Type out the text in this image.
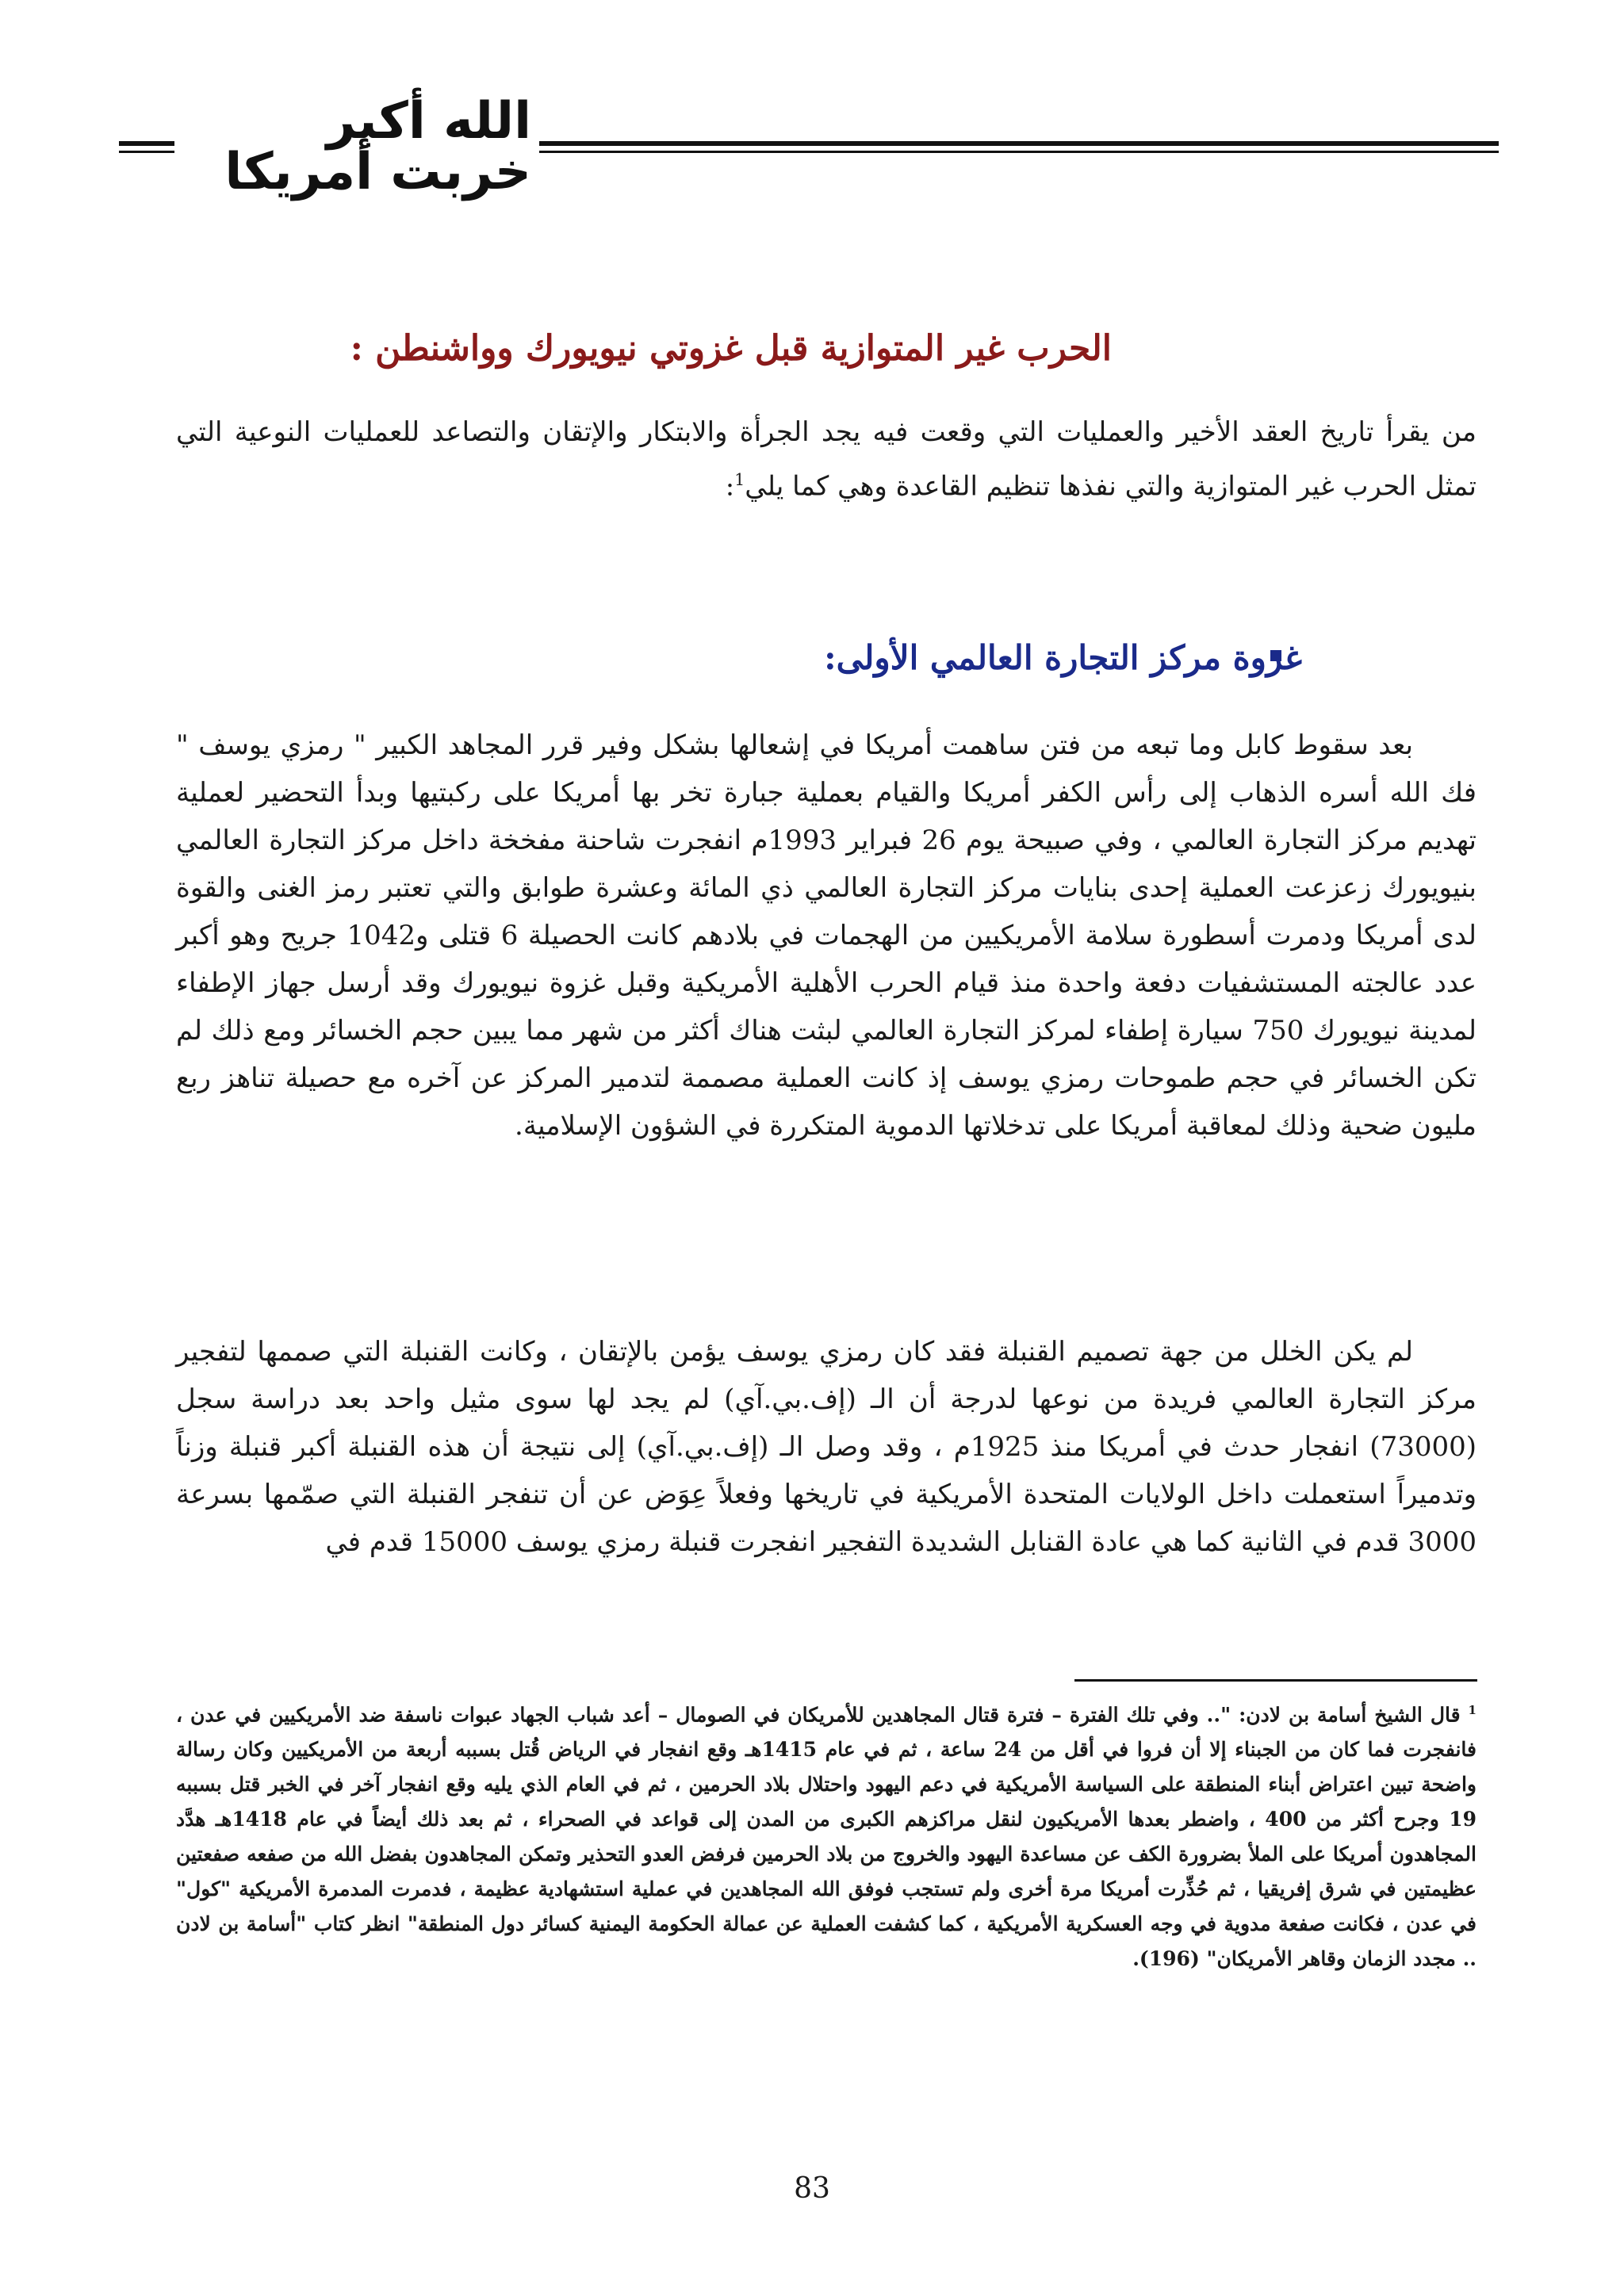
الله أكبر خربت أمريكا
الحرب غير المتوازية قبل غزوتي نيويورك وواشنطن :

من يقرأ تاريخ العقد الأخير والعمليات التي وقعت فيه يجد الجرأة والابتكار والإتقان والتصاعد للعمليات النوعية التي تمثل الحرب غير المتوازية والتي نفذها تنظيم القاعدة وهي كما يلي$^1$:

غزوة مركز التجارة العالمي الأولى:

بعد سقوط كابل وما تبعه من فتن ساهمت أمريكا في إشعالها بشكل وفير قرر المجاهد الكبير " رمزي يوسف " فك الله أسره الذهاب إلى رأس الكفر أمريكا والقيام بعملية جبارة تخر بها أمريكا على ركبتيها وبدأ التحضير لعملية تهديم مركز التجارة العالمي ، وفي صبيحة يوم 26 فبراير 1993م انفجرت شاحنة مفخخة داخل مركز التجارة العالمي بنيويورك زعزعت العملية إحدى بنايات مركز التجارة العالمي ذي المائة وعشرة طوابق والتي تعتبر رمز الغنى والقوة لدى أمريكا ودمرت أسطورة سلامة الأمريكيين من الهجمات في بلادهم كانت الحصيلة 6 قتلى و1042 جريح وهو أكبر عدد عالجته المستشفيات دفعة واحدة منذ قيام الحرب الأهلية الأمريكية وقبل غزوة نيويورك وقد أرسل جهاز الإطفاء لمدينة نيويورك 750 سيارة إطفاء لمركز التجارة العالمي لبثت هناك أكثر من شهر مما يبين حجم الخسائر ومع ذلك لم تكن الخسائر في حجم طموحات رمزي يوسف إذ كانت العملية مصممة لتدمير المركز عن آخره مع حصيلة تناهز ربع مليون ضحية وذلك لمعاقبة أمريكا على تدخلاتها الدموية المتكررة في الشؤون الإسلامية.

لم يكن الخلل من جهة تصميم القنبلة فقد كان رمزي يوسف يؤمن بالإتقان ، وكانت القنبلة التي صممها لتفجير مركز التجارة العالمي فريدة من نوعها لدرجة أن الـ (إف.بي.آي) لم يجد لها سوى مثيل واحد بعد دراسة سجل (73000) انفجار حدث في أمريكا منذ 1925م ، وقد وصل الـ (إف.بي.آي) إلى نتيجة أن هذه القنبلة أكبر قنبلة وزناً وتدميراً استعملت داخل الولايات المتحدة الأمريكية في تاريخها وفعلاً عِوَض عن أن تنفجر القنبلة التي صمّمها بسرعة 3000 قدم في الثانية كما هي عادة القنابل الشديدة التفجير انفجرت قنبلة رمزي يوسف 15000 قدم في

$^1$ قال الشيخ أسامة بن لادن: ".. وفي تلك الفترة – فترة قتال المجاهدين للأمريكان في الصومال – أعد شباب الجهاد عبوات ناسفة ضد الأمريكيين في عدن ، فانفجرت فما كان من الجبناء إلا أن فروا في أقل من 24 ساعة ، ثم في عام 1415هـ وقع انفجار في الرياض قُتل بسببه أربعة من الأمريكيين وكان رسالة واضحة تبين اعتراض أبناء المنطقة على السياسة الأمريكية في دعم اليهود واحتلال بلاد الحرمين ، ثم في العام الذي يليه وقع انفجار آخر في الخبر قتل بسببه 19 وجرح أكثر من 400 ، واضطر بعدها الأمريكيون لنقل مراكزهم الكبرى من المدن إلى قواعد في الصحراء ، ثم بعد ذلك أيضاً في عام 1418هـ هدَّد المجاهدون أمريكا على الملأ بضرورة الكف عن مساعدة اليهود والخروج من بلاد الحرمين فرفض العدو التحذير وتمكن المجاهدون بفضل الله من صفعه صفعتين عظيمتين في شرق إفريقيا ، ثم حُذِّرت أمريكا مرة أخرى ولم تستجب فوفق الله المجاهدين في عملية استشهادية عظيمة ، فدمرت المدمرة الأمريكية "كول" في عدن ، فكانت صفعة مدوية في وجه العسكرية الأمريكية ، كما كشفت العملية عن عمالة الحكومة اليمنية كسائر دول المنطقة" انظر كتاب "أسامة بن لادن .. مجدد الزمان وقاهر الأمريكان" (196).
83
